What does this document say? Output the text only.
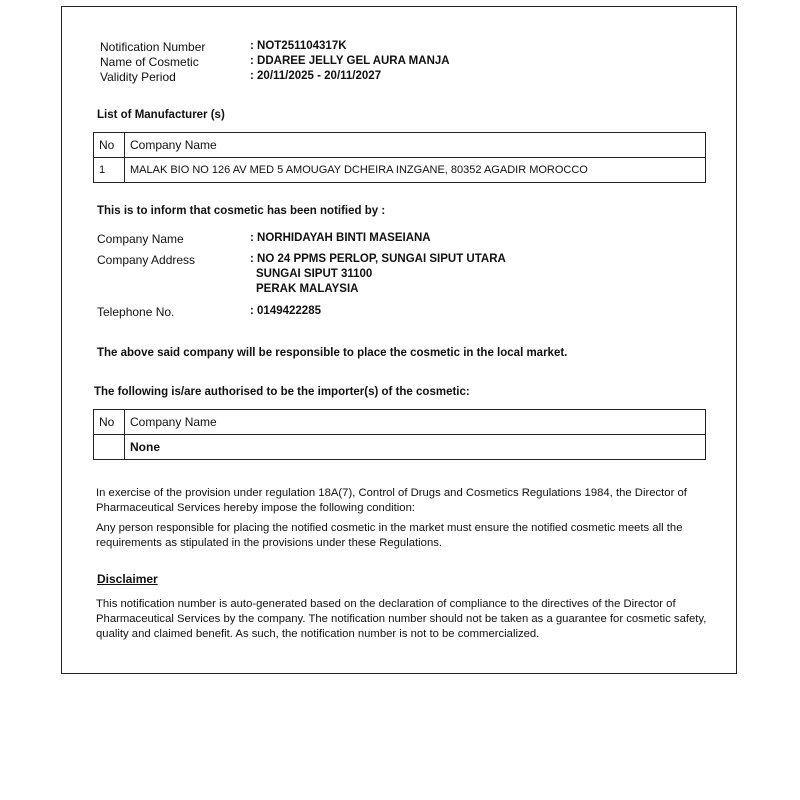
Notification Number	: NOT251104317K
Name of Cosmetic	: DDAREE JELLY GEL AURA MANJA
Validity Period	: 20/11/2025 - 20/11/2027
List of Manufacturer (s)
No	Company Name
1	MALAK BIO NO 126 AV MED 5 AMOUGAY DCHEIRA INZGANE, 80352 AGADIR MOROCCO
This is to inform that cosmetic has been notified by :
Company Name	: NORHIDAYAH BINTI MASEIANA
Company Address	: NO 24 PPMS PERLOP, SUNGAI SIPUT UTARA
SUNGAI SIPUT 31100
PERAK MALAYSIA
Telephone No.	: 0149422285
The above said company will be responsible to place the cosmetic in the local market.
The following is/are authorised to be the importer(s) of the cosmetic:
No	Company Name
	None
In exercise of the provision under regulation 18A(7), Control of Drugs and Cosmetics Regulations 1984, the Director of Pharmaceutical Services hereby impose the following condition:
Any person responsible for placing the notified cosmetic in the market must ensure the notified cosmetic meets all the requirements as stipulated in the provisions under these Regulations.
Disclaimer
This notification number is auto-generated based on the declaration of compliance to the directives of the Director of Pharmaceutical Services by the company. The notification number should not be taken as a guarantee for cosmetic safety, quality and claimed benefit. As such, the notification number is not to be commercialized.
